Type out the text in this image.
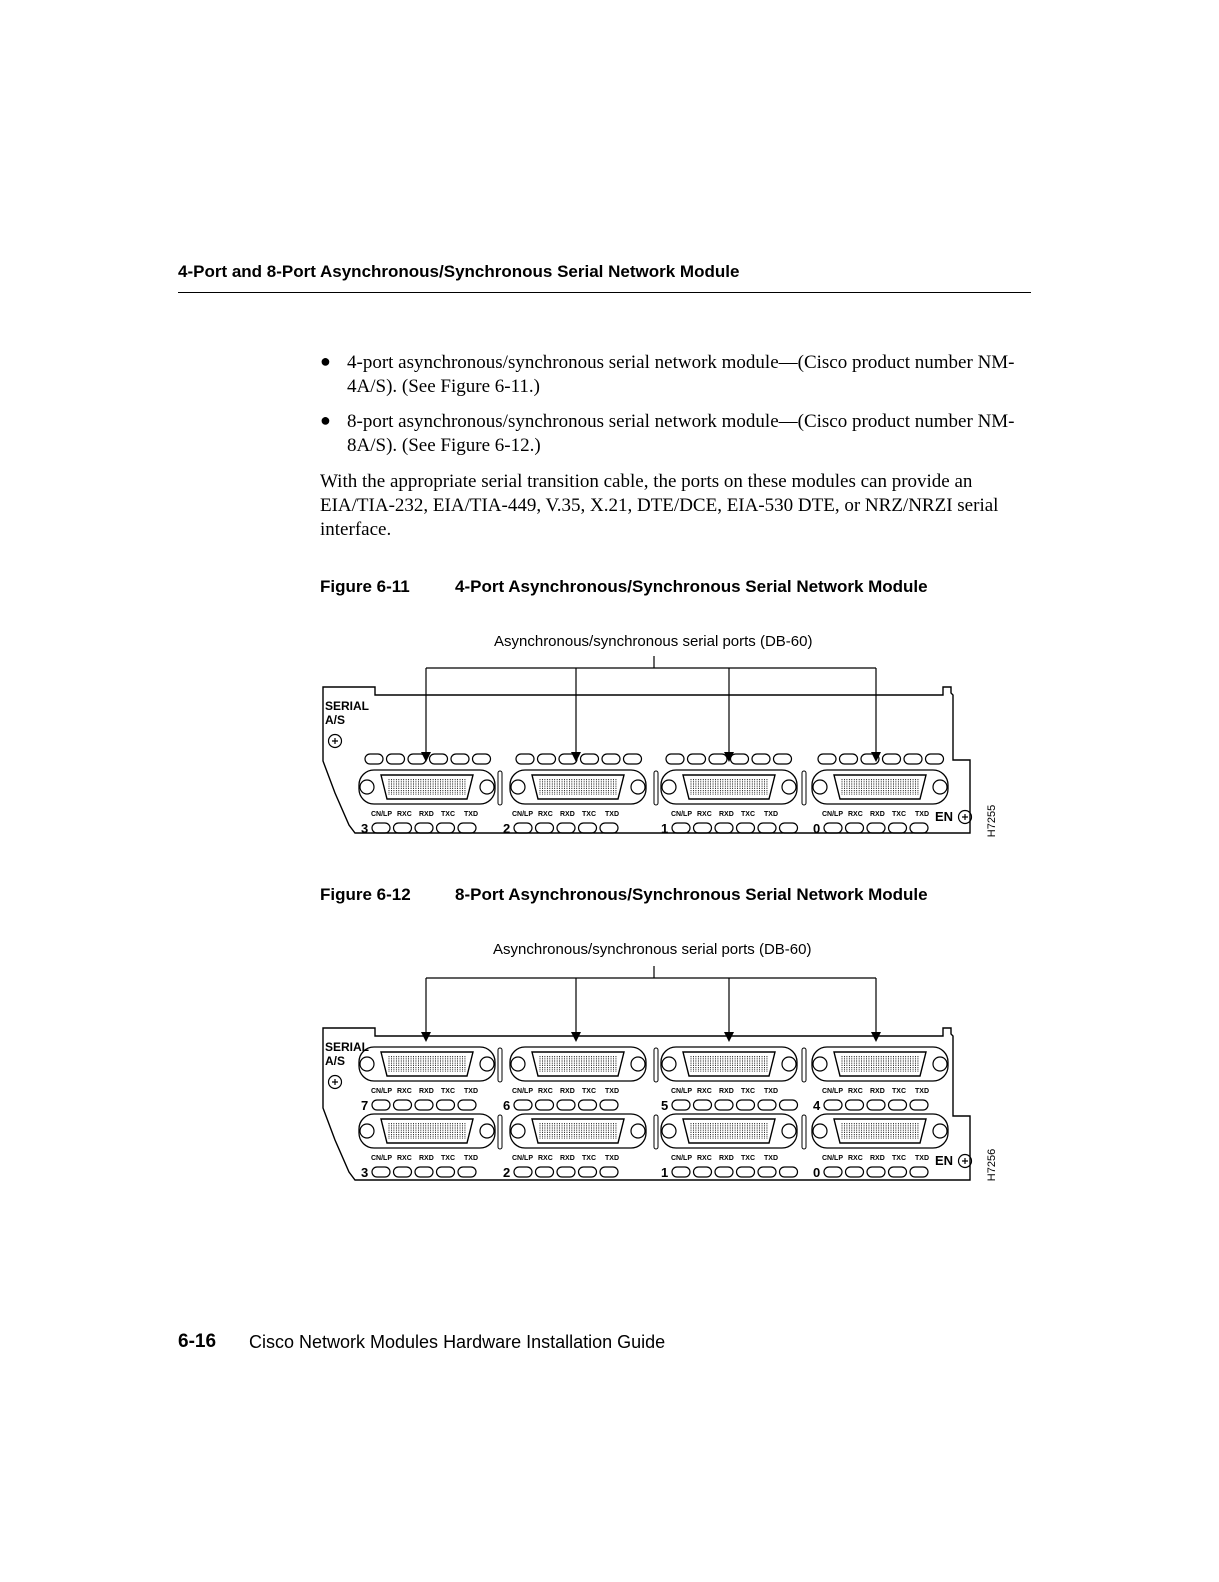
4-Port and 8-Port Asynchronous/Synchronous Serial Network Module
● 4-port asynchronous/synchronous serial network module—(Cisco product number NM-4A/S). (See Figure 6-11.)
● 8-port asynchronous/synchronous serial network module—(Cisco product number NM-8A/S). (See Figure 6-12.)
With the appropriate serial transition cable, the ports on these modules can provide an EIA/TIA-232, EIA/TIA-449, V.35, X.21, DTE/DCE, EIA-530 DTE, or NRZ/NRZI serial interface.
Figure 6-11	4-Port Asynchronous/Synchronous Serial Network Module
Asynchronous/synchronous serial ports (DB-60)
SERIAL
A/S
CN/LP RXC RXD TXC TXD
3
CN/LP RXC RXD TXC TXD
2
CN/LP RXC RXD TXC TXD
1
CN/LP RXC RXD TXC TXD
0
EN	H7255
Figure 6-12	8-Port Asynchronous/Synchronous Serial Network Module
Asynchronous/synchronous serial ports (DB-60)
SERIAL
A/S
CN/LP RXC RXD TXC TXD
7
CN/LP RXC RXD TXC TXD
6
CN/LP RXC RXD TXC TXD
5
CN/LP RXC RXD TXC TXD
4
CN/LP RXC RXD TXC TXD
3
CN/LP RXC RXD TXC TXD
2
CN/LP RXC RXD TXC TXD
1
CN/LP RXC RXD TXC TXD
0
EN	H7256
6-16 Cisco Network Modules Hardware Installation Guide
